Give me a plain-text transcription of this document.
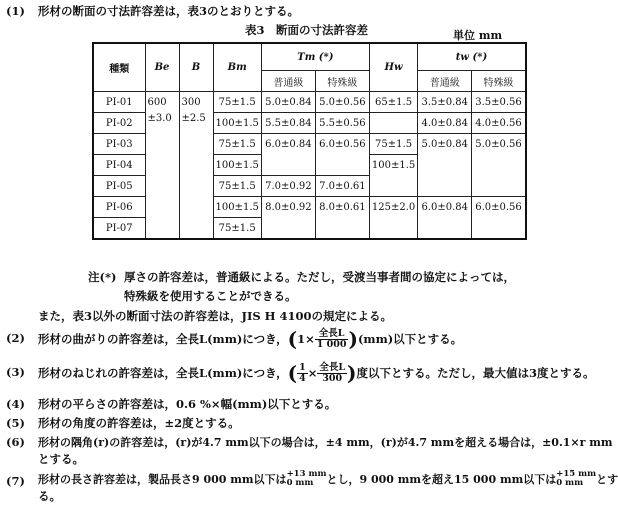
(1) 形材の断面の寸法許容差は，表3のとおりとする。
表3　断面の寸法許容差	単位 mm
種類	Be	B	Bm	Tm (*)		Hw	tw (*)	
				普通級	特殊級		普通級	特殊級
PI-01	600	300	75±1.5	5.0±0.84	5.0±0.56	65±1.5	3.5±0.84	3.5±0.56
PI-02	±3.0	±2.5	100±1.5	5.5±0.84	5.5±0.56		4.0±0.84	4.0±0.56
PI-03			75±1.5	6.0±0.84	6.0±0.56	75±1.5	5.0±0.84	5.0±0.56
PI-04			100±1.5			100±1.5		
PI-05			75±1.5	7.0±0.92	7.0±0.61			
PI-06			100±1.5	8.0±0.92	8.0±0.61	125±2.0	6.0±0.84	6.0±0.56
PI-07			75±1.5					
注(*) 厚さの許容差は，普通級による。ただし，受渡当事者間の協定によっては，
特殊級を使用することができる。
また，表3以外の断面寸法の許容差は，JIS H 4100の規定による。
(2) 形材の曲がりの許容差は，全長L(mm)につき， ( $1\times \frac{\text{全長L}}{1 000}$ ) (mm)以下とする。
(3) 形材のねじれの許容差は，全長L(mm)につき， ( $\frac{1}{4} \times \frac{\text{全長L}}{300}$ ) 度以下とする。ただし，最大値は3度とする。
(4) 形材の平らさの許容差は，0.6 %×幅(mm)以下とする。
(5) 形材の角度の許容差は，±2度とする。
(6) 形材の隅角(r)の許容差は，(r)が4.7 mm以下の場合は，±4 mm，(r)が4.7 mmを超える場合は，±0.1×r mm
とする。
(7) 形材の長さ許容差は，製品長さ9 000 mm以下は +13 mm
0 mm	とし，9 000 mmを超え15 000 mm以下は +15 mm
0 mm	とす
る。
